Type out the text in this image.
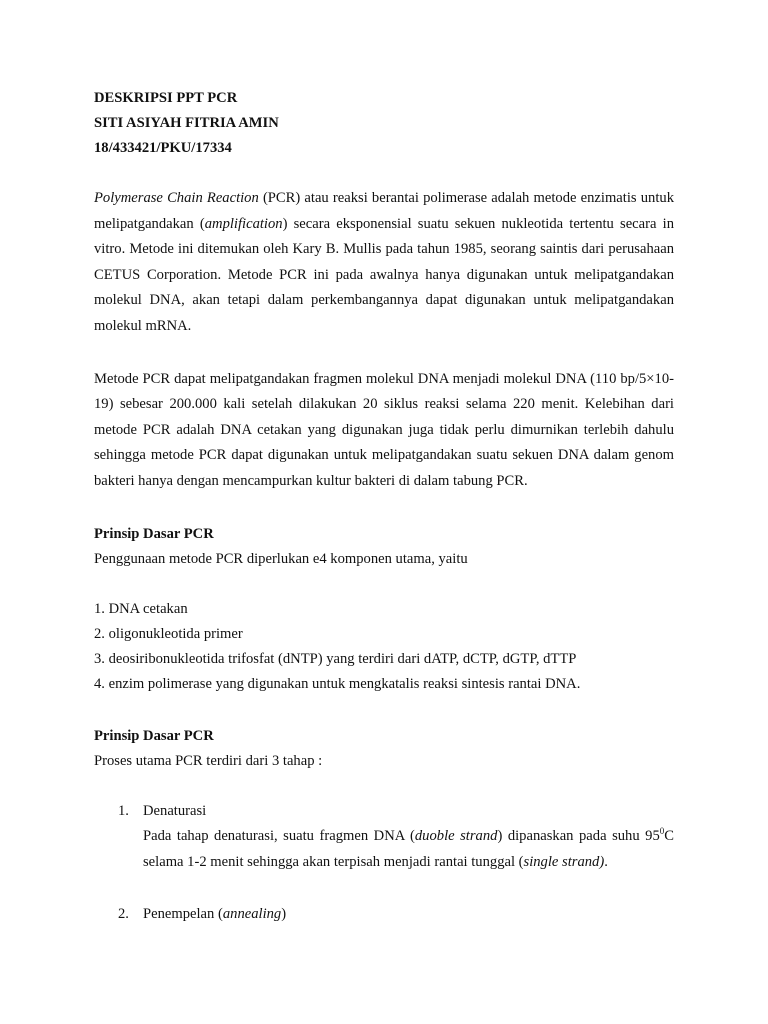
DESKRIPSI PPT PCR
SITI ASIYAH FITRIA AMIN
18/433421/PKU/17334

Polymerase Chain Reaction (PCR) atau reaksi berantai polimerase adalah metode enzimatis untuk melipatgandakan (amplification) secara eksponensial suatu sekuen nukleotida tertentu secara in vitro. Metode ini ditemukan oleh Kary B. Mullis pada tahun 1985, seorang saintis dari perusahaan CETUS Corporation. Metode PCR ini pada awalnya hanya digunakan untuk melipatgandakan molekul DNA, akan tetapi dalam perkembangannya dapat digunakan untuk melipatgandakan molekul mRNA.

Metode PCR dapat melipatgandakan fragmen molekul DNA menjadi molekul DNA (110 bp/5×10-19) sebesar 200.000 kali setelah dilakukan 20 siklus reaksi selama 220 menit. Kelebihan dari metode PCR adalah DNA cetakan yang digunakan juga tidak perlu dimurnikan terlebih dahulu sehingga metode PCR dapat digunakan untuk melipatgandakan suatu sekuen DNA dalam genom bakteri hanya dengan mencampurkan kultur bakteri di dalam tabung PCR.

Prinsip Dasar PCR
Penggunaan metode PCR diperlukan e4 komponen utama, yaitu
1. DNA cetakan
2. oligonukleotida primer
3. deosiribonukleotida trifosfat (dNTP) yang terdiri dari dATP, dCTP, dGTP, dTTP
4. enzim polimerase yang digunakan untuk mengkatalis reaksi sintesis rantai DNA.
Prinsip Dasar PCR
Proses utama PCR terdiri dari 3 tahap :
1. Denaturasi
Pada tahap denaturasi, suatu fragmen DNA (duoble strand) dipanaskan pada suhu $95^0C$ selama 1-2 menit sehingga akan terpisah menjadi rantai tunggal (single strand).
2. Penempelan (annealing)
